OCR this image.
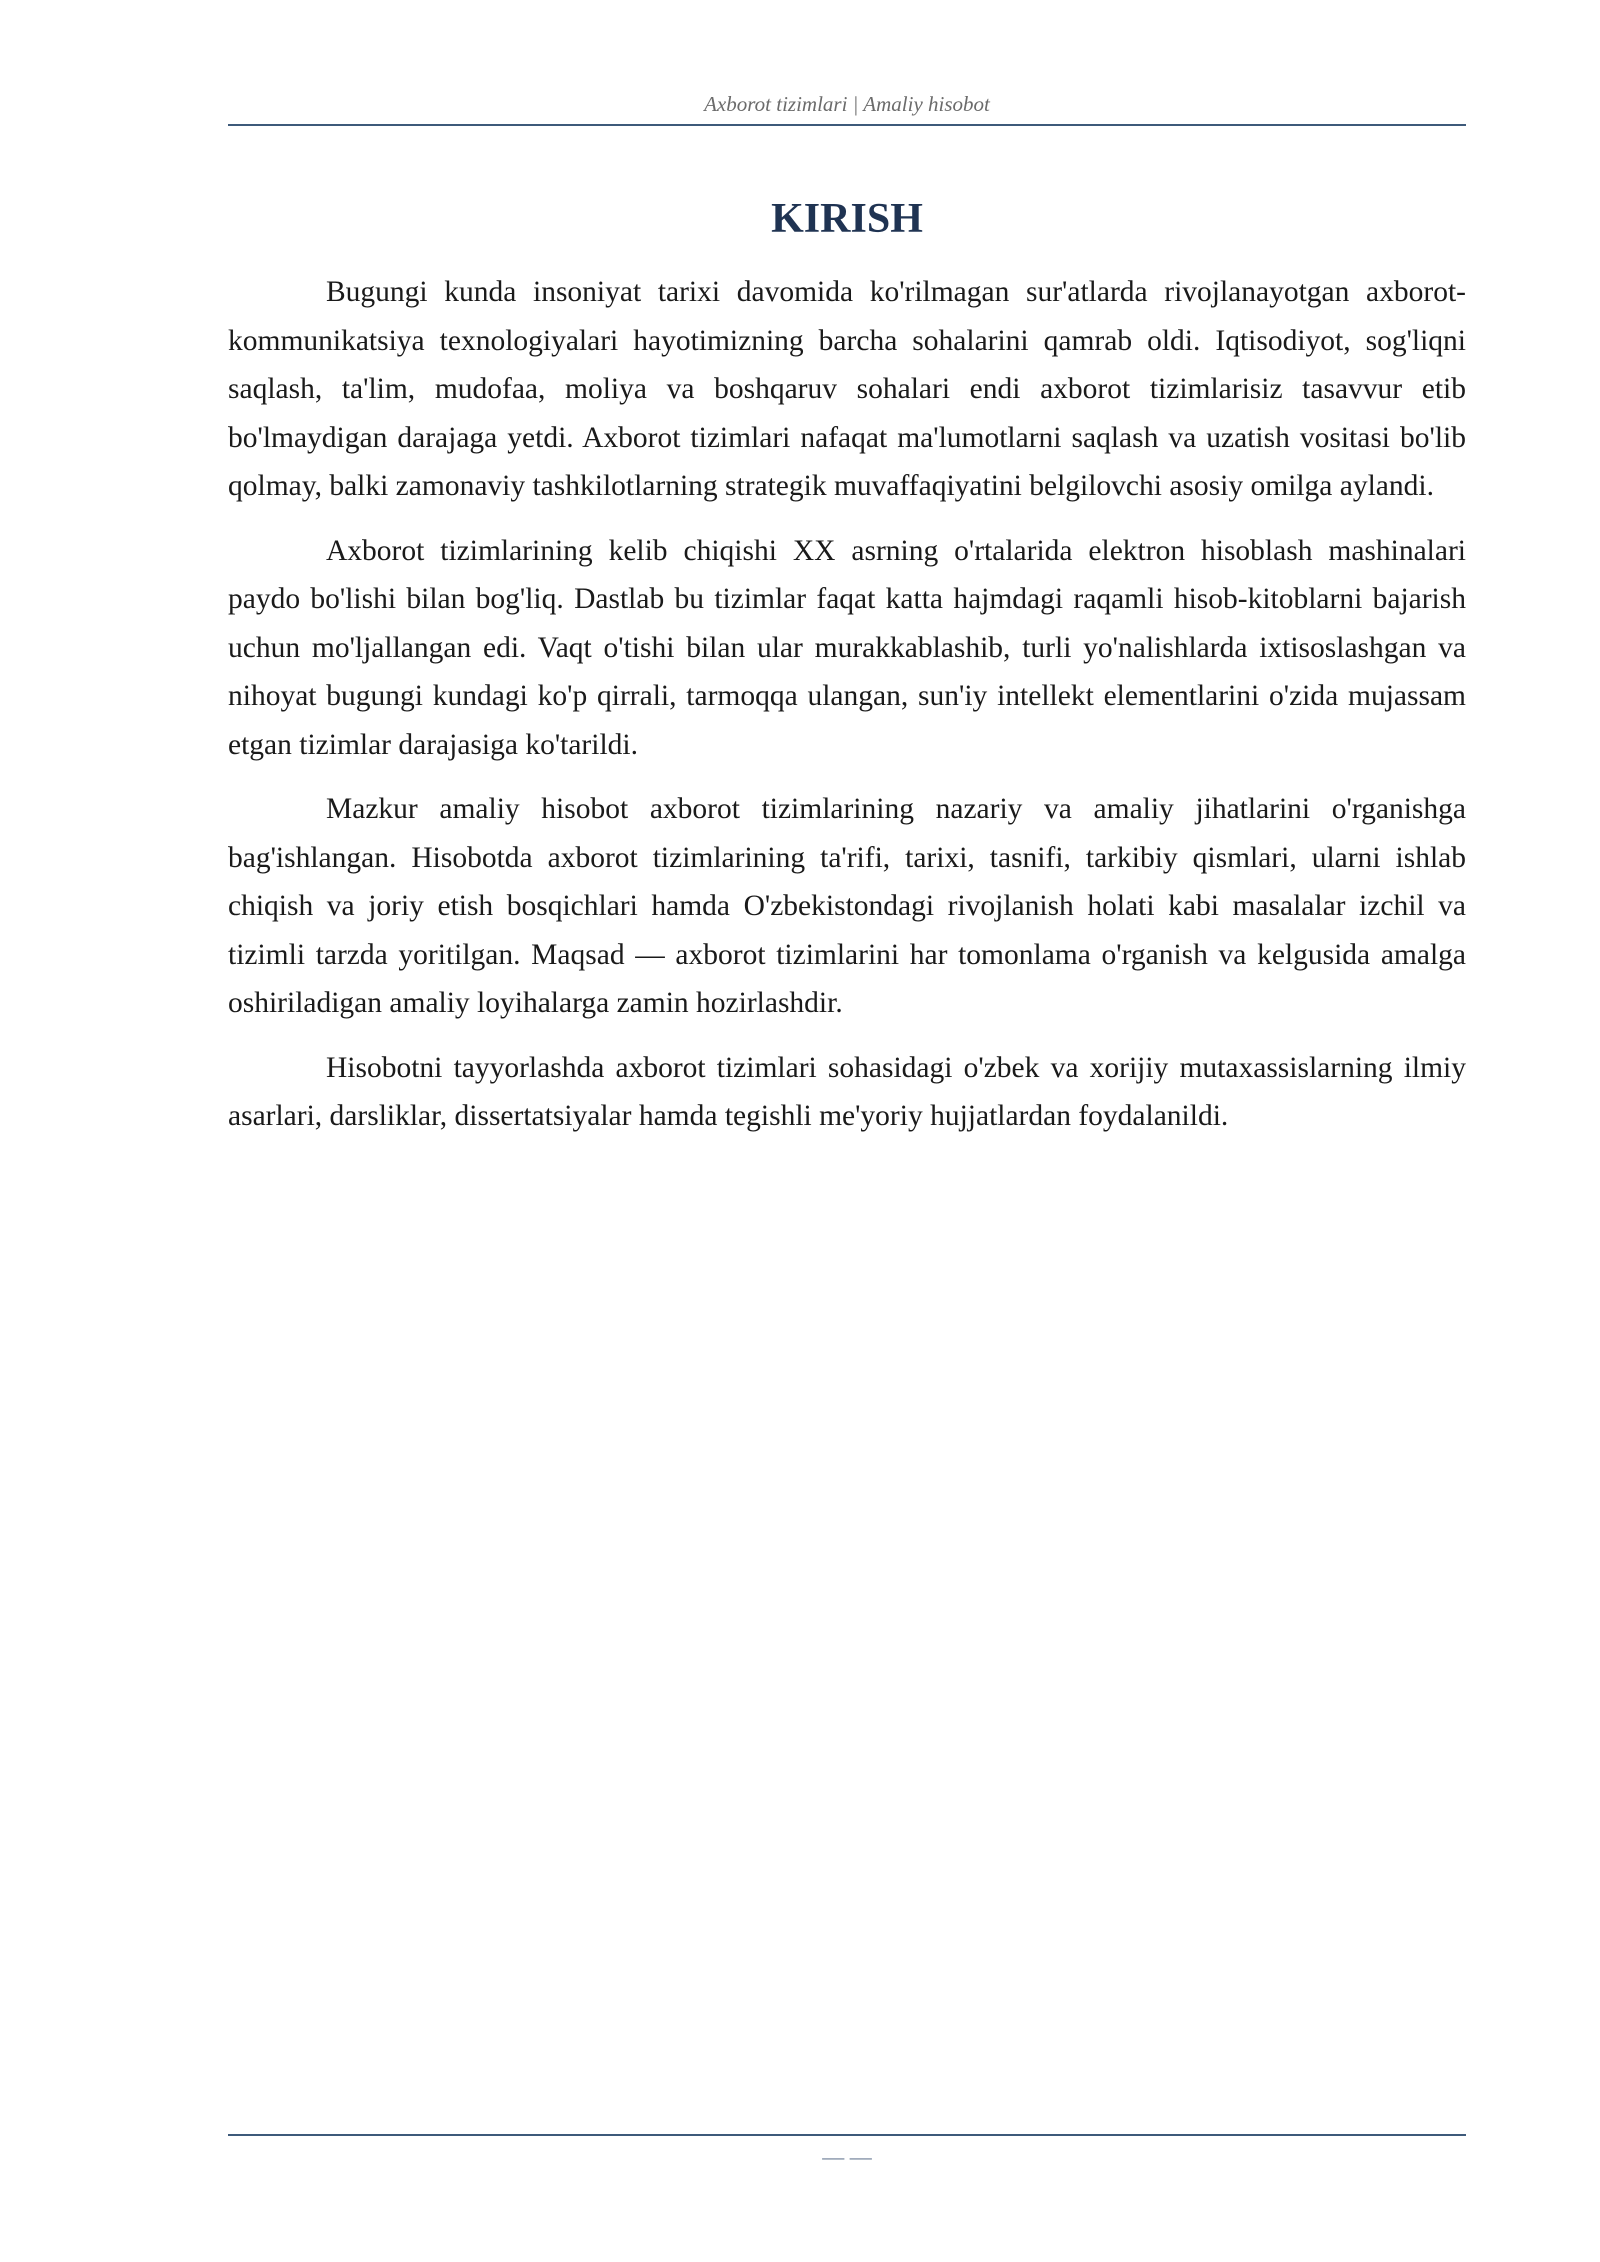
Axborot tizimlari | Amaliy hisobot
KIRISH

Bugungi kunda insoniyat tarixi davomida ko'rilmagan sur'atlarda rivojlanayotgan axborot-kommunikatsiya texnologiyalari hayotimizning barcha sohalarini qamrab oldi. Iqtisodiyot, sog'liqni saqlash, ta'lim, mudofaa, moliya va boshqaruv sohalari endi axborot tizimlarisiz tasavvur etib bo'lmaydigan darajaga yetdi. Axborot tizimlari nafaqat ma'lumotlarni saqlash va uzatish vositasi bo'lib qolmay, balki zamonaviy tashkilotlarning strategik muvaffaqiyatini belgilovchi asosiy omilga aylandi.

Axborot tizimlarining kelib chiqishi XX asrning o'rtalarida elektron hisoblash mashinalari paydo bo'lishi bilan bog'liq. Dastlab bu tizimlar faqat katta hajmdagi raqamli hisob-kitoblarni bajarish uchun mo'ljallangan edi. Vaqt o'tishi bilan ular murakkablashib, turli yo'nalishlarda ixtisoslashgan va nihoyat bugungi kundagi ko'p qirrali, tarmoqqa ulangan, sun'iy intellekt elementlarini o'zida mujassam etgan tizimlar darajasiga ko'tarildi.

Mazkur amaliy hisobot axborot tizimlarining nazariy va amaliy jihatlarini o'rganishga bag'ishlangan. Hisobotda axborot tizimlarining ta'rifi, tarixi, tasnifi, tarkibiy qismlari, ularni ishlab chiqish va joriy etish bosqichlari hamda O'zbekistondagi rivojlanish holati kabi masalalar izchil va tizimli tarzda yoritilgan. Maqsad — axborot tizimlarini har tomonlama o'rganish va kelgusida amalga oshiriladigan amaliy loyihalarga zamin hozirlashdir.

Hisobotni tayyorlashda axborot tizimlari sohasidagi o'zbek va xorijiy mutaxassislarning ilmiy asarlari, darsliklar, dissertatsiyalar hamda tegishli me'yoriy hujjatlardan foydalanildi.

— —
